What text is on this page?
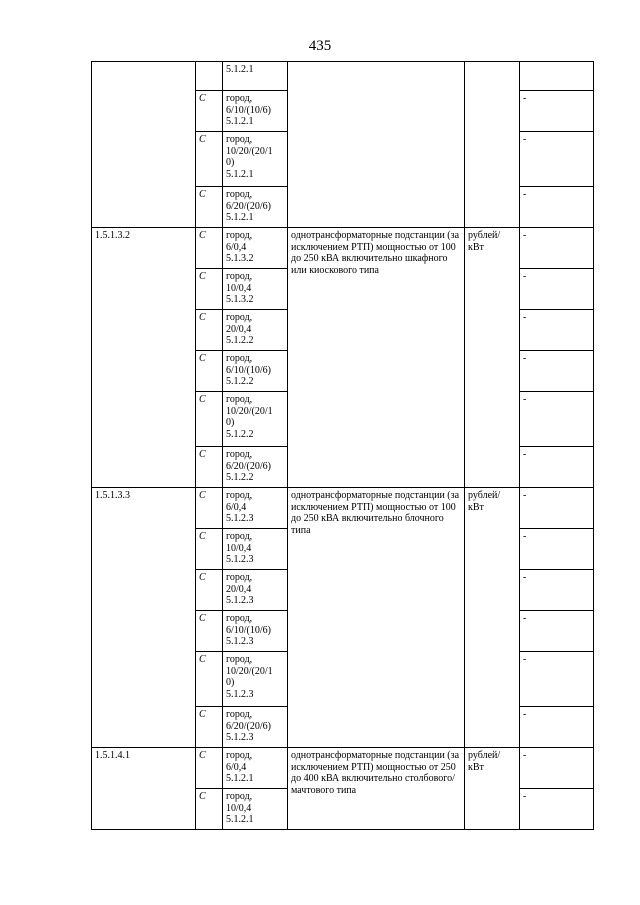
435

		5.1.2.1			

	С	город,
6/10/(10/6)
5.1.2.1			-
	С	город,
10/20/(20/1
0)
5.1.2.1			-
	С	город,
6/20/(20/6)
5.1.2.1			-
1.5.1.3.2	С	город,
6/0,4
5.1.3.2	однотрансформаторные подстанции (за исключением РТП) мощностью от 100 до 250 кВА включительно шкафного или киоскового типа	рублей/ кВт	-
	С	город,
10/0,4
5.1.3.2			-
	С	город,
20/0,4
5.1.2.2			-
	С	город,
6/10/(10/6)
5.1.2.2			-
	С	город,
10/20/(20/1
0)
5.1.2.2			-
	С	город,
6/20/(20/6)
5.1.2.2			-
1.5.1.3.3	С	город,
6/0,4
5.1.2.3	однотрансформаторные подстанции (за исключением РТП) мощностью от 100 до 250 кВА включительно блочного типа	рублей/ кВт	-
	С	город,
10/0,4
5.1.2.3			-
	С	город,
20/0,4
5.1.2.3			-
	С	город,
6/10/(10/6)
5.1.2.3			-
	С	город,
10/20/(20/1
0)
5.1.2.3			-
	С	город,
6/20/(20/6)
5.1.2.3			-
1.5.1.4.1	С	город,
6/0,4
5.1.2.1	однотрансформаторные подстанции (за исключением РТП) мощностью от 250 до 400 кВА включительно столбового/мачтового типа	рублей/ кВт	-
	С	город,
10/0,4
5.1.2.1			-
